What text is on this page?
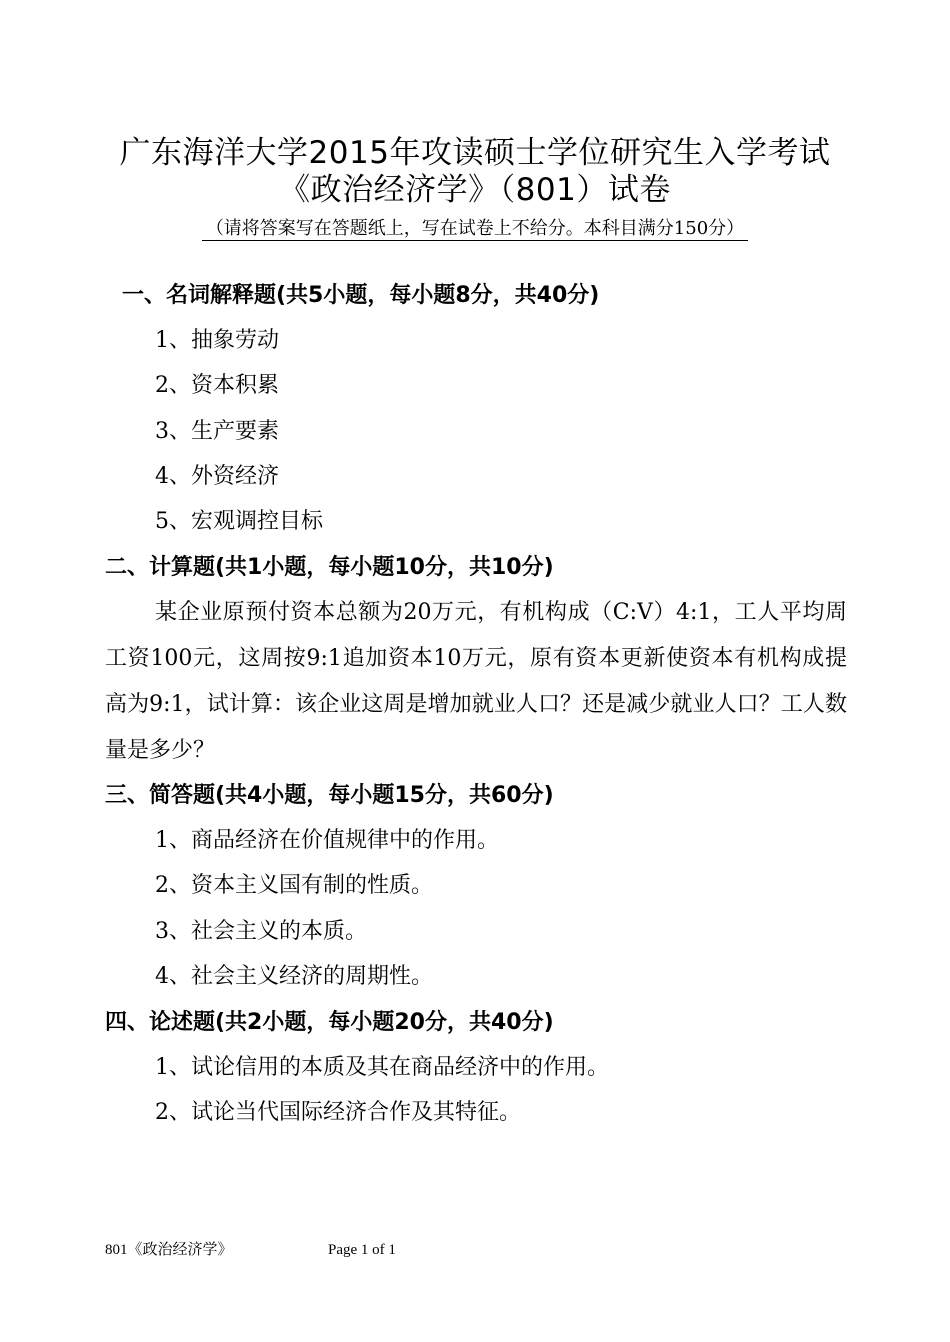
广东海洋大学2015年攻读硕士学位研究生入学考试
《政治经济学》（801）试卷
（请将答案写在答题纸上，写在试卷上不给分。本科目满分150分）
一、名词解释题(共5小题，每小题8分，共40分)
1、抽象劳动
2、资本积累
3、生产要素
4、外资经济
5、宏观调控目标
二、计算题(共1小题，每小题10分，共10分)
某企业原预付资本总额为20万元，有机构成（C:V）4:1，工人平均周工资100元，这周按9:1追加资本10万元，原有资本更新使资本有机构成提高为9:1，试计算：该企业这周是增加就业人口？还是减少就业人口？工人数量是多少？
三、简答题(共4小题，每小题15分，共60分)
1、商品经济在价值规律中的作用。
2、资本主义国有制的性质。
3、社会主义的本质。
4、社会主义经济的周期性。
四、论述题(共2小题，每小题20分，共40分)
1、试论信用的本质及其在商品经济中的作用。
2、试论当代国际经济合作及其特征。
801《政治经济学》	Page 1 of 1
